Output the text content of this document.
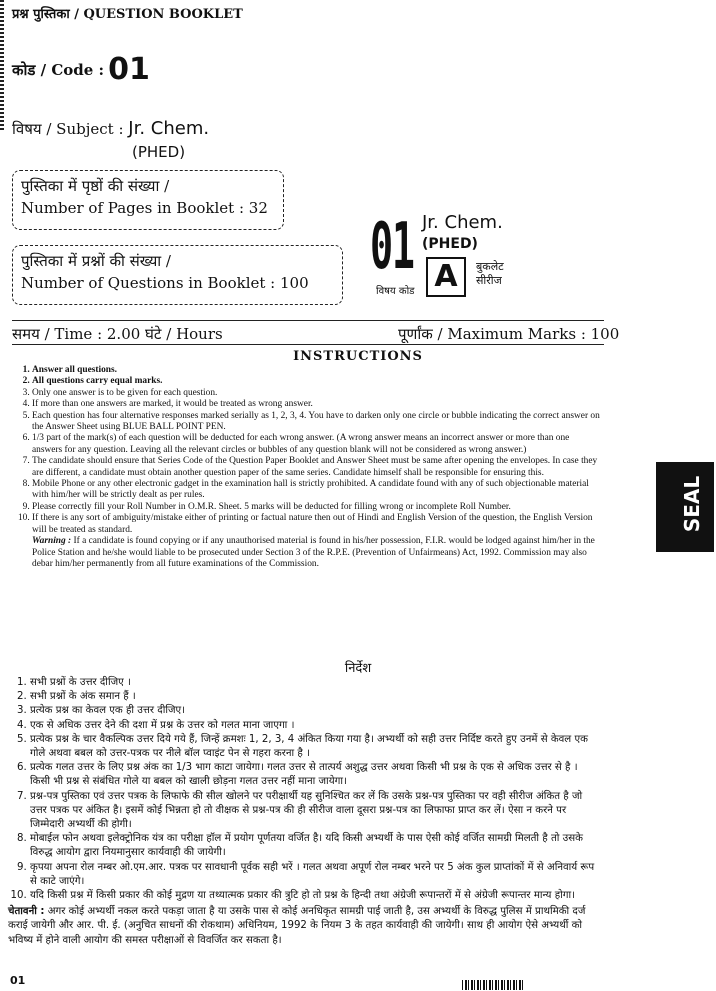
प्रश्न पुस्तिका / QUESTION BOOKLET
कोड / Code : 01
विषय / Subject : Jr. Chem.
(PHED)
पुस्तिका में पृष्ठों की संख्या /
Number of Pages in Booklet : 32
पुस्तिका में प्रश्नों की संख्या /
Number of Questions in Booklet : 100 01 Jr. Chem.
(PHED)
A
विषय कोड
बुकलेट
सीरीज
समय / Time : 2.00 घंटे / Hours	पूर्णांक / Maximum Marks : 100
INSTRUCTIONS
1. Answer all questions.
2. All questions carry equal marks.
3. Only one answer is to be given for each question.
4. If more than one answers are marked, it would be treated as wrong answer.
5. Each question has four alternative responses marked serially as 1, 2, 3, 4. You have to darken only one circle or bubble indicating the correct answer on the Answer Sheet using BLUE BALL POINT PEN.
6. 1/3 part of the mark(s) of each question will be deducted for each wrong answer. (A wrong answer means an incorrect answer or more than one answers for any question. Leaving all the relevant circles or bubbles of any question blank will not be considered as wrong answer.)
7. The candidate should ensure that Series Code of the Question Paper Booklet and Answer Sheet must be same after opening the envelopes. In case they are different, a candidate must obtain another question paper of the same series. Candidate himself shall be responsible for ensuring this.
8. Mobile Phone or any other electronic gadget in the examination hall is strictly prohibited. A candidate found with any of such objectionable material with him/her will be strictly dealt as per rules.
9. Please correctly fill your Roll Number in O.M.R. Sheet. 5 marks will be deducted for filling wrong or incomplete Roll Number.
10. If there is any sort of ambiguity/mistake either of printing or factual nature then out of Hindi and English Version of the question, the English Version will be treated as standard.
Warning : If a candidate is found copying or if any unauthorised material is found in his/her possession, F.I.R. would be lodged against him/her in the Police Station and he/she would liable to be prosecuted under Section 3 of the R.P.E. (Prevention of Unfairmeans) Act, 1992. Commission may also debar him/her permanently from all future examinations of the Commission.
निर्देश
1. सभी प्रश्नों के उत्तर दीजिए ।
2. सभी प्रश्नों के अंक समान हैं ।
3. प्रत्येक प्रश्न का केवल एक ही उत्तर दीजिए।
4. एक से अधिक उत्तर देने की दशा में प्रश्न के उत्तर को गलत माना जाएगा ।
5. प्रत्येक प्रश्न के चार वैकल्पिक उत्तर दिये गये हैं, जिन्हें क्रमशः 1, 2, 3, 4 अंकित किया गया है। अभ्यर्थी को सही उत्तर निर्दिष्ट करते हुए उनमें से केवल एक गोले अथवा बबल को उत्तर-पत्रक पर नीले बॉल प्वाइंट पेन से गहरा करना है ।
6. प्रत्येक गलत उत्तर के लिए प्रश्न अंक का 1/3 भाग काटा जायेगा। गलत उत्तर से तात्पर्य अशुद्ध उत्तर अथवा किसी भी प्रश्न के एक से अधिक उत्तर से है । किसी भी प्रश्न से संबंधित गोले या बबल को खाली छोड़ना गलत उत्तर नहीं माना जायेगा।
7. प्रश्न-पत्र पुस्तिका एवं उत्तर पत्रक के लिफाफे की सील खोलने पर परीक्षार्थी यह सुनिश्चित कर लें कि उसके प्रश्न-पत्र पुस्तिका पर वही सीरीज अंकित है जो उत्तर पत्रक पर अंकित है। इसमें कोई भिन्नता हो तो वीक्षक से प्रश्न-पत्र की ही सीरीज वाला दूसरा प्रश्न-पत्र का लिफाफा प्राप्त कर लें। ऐसा न करने पर जिम्मेदारी अभ्यर्थी की होगी।
8. मोबाईल फोन अथवा इलेक्ट्रोनिक यंत्र का परीक्षा हॉल में प्रयोग पूर्णतया वर्जित है। यदि किसी अभ्यर्थी के पास ऐसी कोई वर्जित सामग्री मिलती है तो उसके विरुद्ध आयोग द्वारा नियमानुसार कार्यवाही की जायेगी।
9. कृपया अपना रोल नम्बर ओ.एम.आर. पत्रक पर सावधानी पूर्वक सही भरें । गलत अथवा अपूर्ण रोल नम्बर भरने पर 5 अंक कुल प्राप्तांकों में से अनिवार्य रूप से काटे जाएंगे।
10. यदि किसी प्रश्न में किसी प्रकार की कोई मुद्रण या तथ्यात्मक प्रकार की त्रुटि हो तो प्रश्न के हिन्दी तथा अंग्रेजी रूपान्तरों में से अंग्रेजी रूपान्तर मान्य होगा।
चेतावनी : अगर कोई अभ्यर्थी नकल करते पकड़ा जाता है या उसके पास से कोई अनधिकृत सामग्री पाई जाती है, उस अभ्यर्थी के विरुद्ध पुलिस में प्राथमिकी दर्ज कराई जायेगी और आर. पी. ई. (अनुचित साधनों की रोकथाम) अधिनियम, 1992 के नियम 3 के तहत कार्यवाही की जायेगी। साथ ही आयोग ऐसे अभ्यर्थी को भविष्य में होने वाली आयोग की समस्त परीक्षाओं से विवर्जित कर सकता है।
SEAL
01
